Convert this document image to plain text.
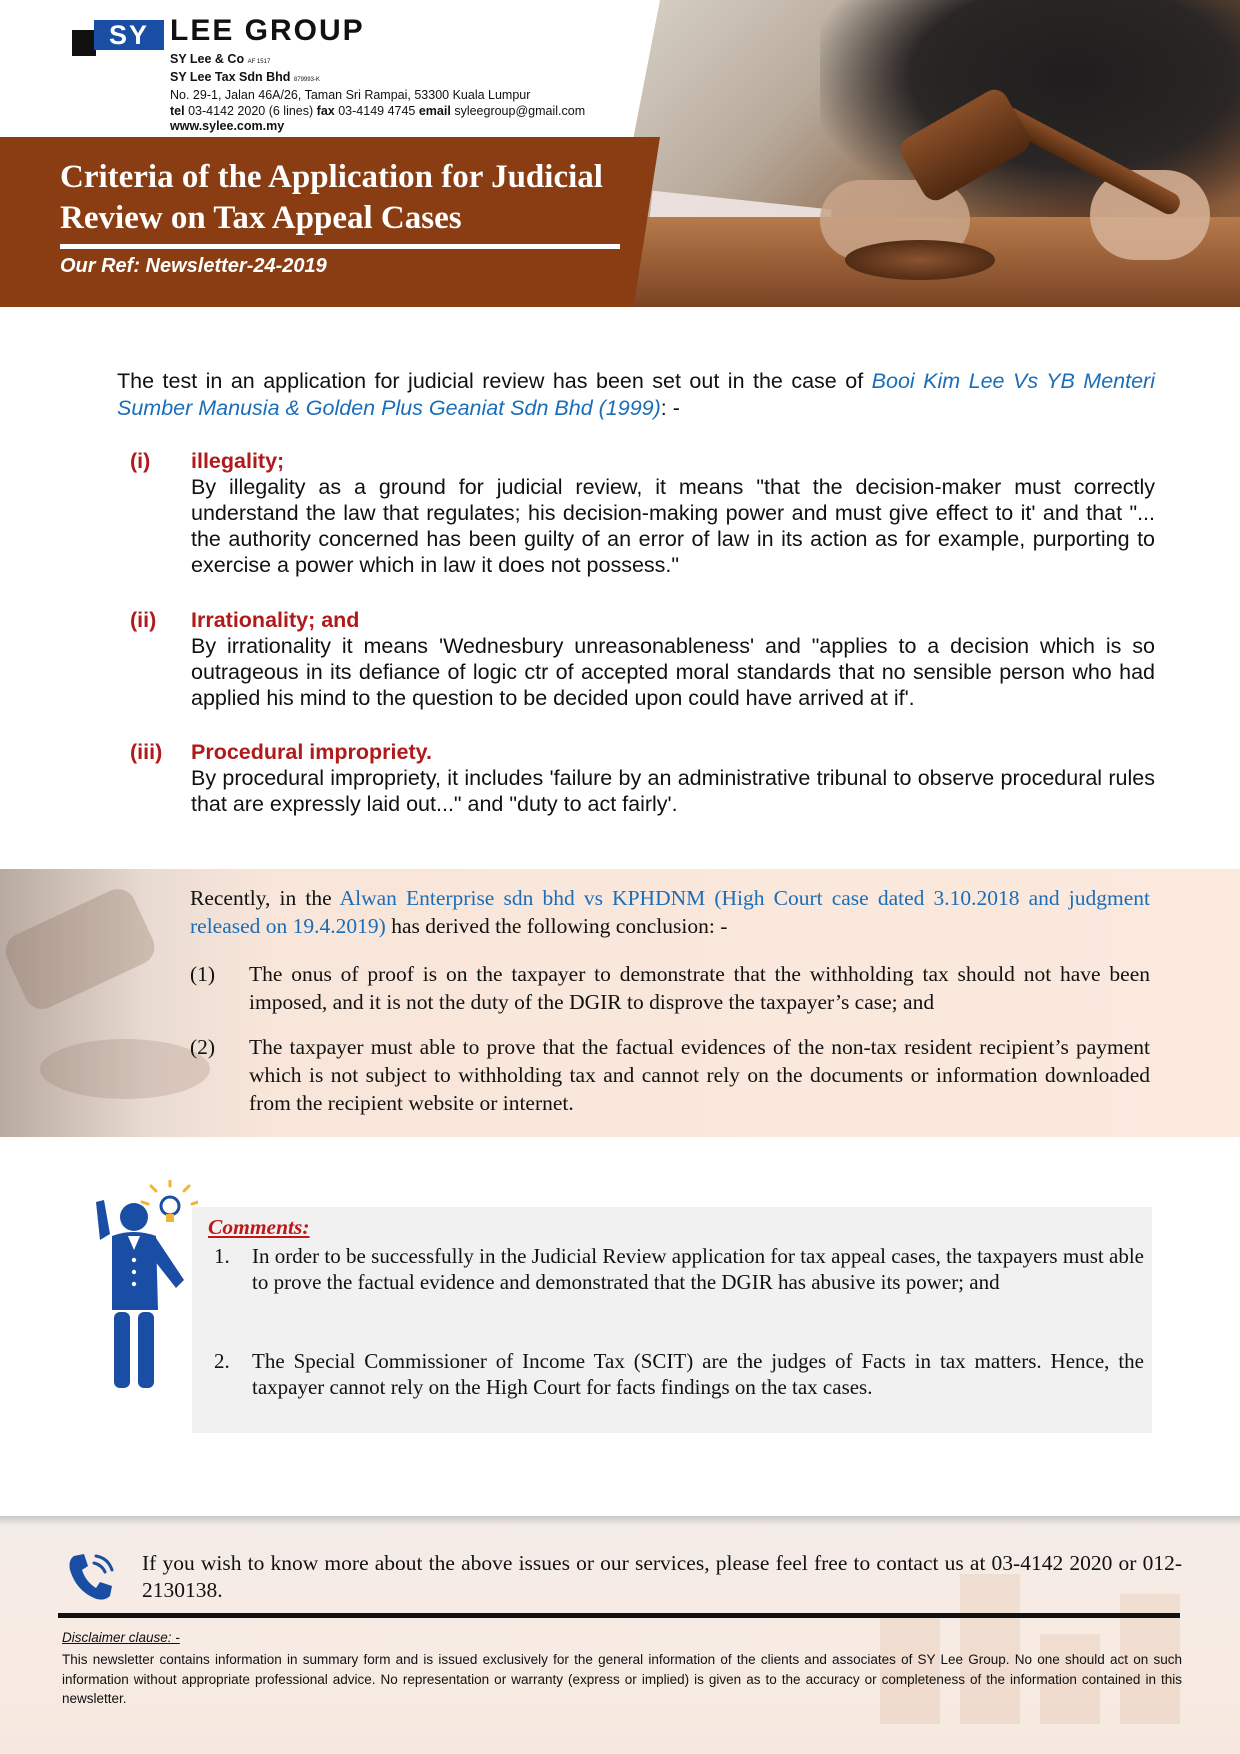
SY LEE GROUP
SY Lee & Co AF 1517
SY Lee Tax Sdn Bhd 879993-K
No. 29-1, Jalan 46A/26, Taman Sri Rampai, 53300 Kuala Lumpur
tel 03-4142 2020 (6 lines) fax 03-4149 4745 email syleegroup@gmail.com
www.sylee.com.my
Criteria of the Application for Judicial
Review on Tax Appeal Cases
Our Ref: Newsletter-24-2019
The test in an application for judicial review has been set out in the case of Booi Kim Lee Vs YB Menteri Sumber Manusia & Golden Plus Geaniat Sdn Bhd (1999): -
(i) illegality;
By illegality as a ground for judicial review, it means "that the decision-maker must correctly understand the law that regulates; his decision-making power and must give effect to it' and that "... the authority concerned has been guilty of an error of law in its action as for example, purporting to exercise a power which in law it does not possess."
(ii) Irrationality; and
By irrationality it means 'Wednesbury unreasonableness' and "applies to a decision which is so outrageous in its defiance of logic ctr of accepted moral standards that no sensible person who had applied his mind to the question to be decided upon could have arrived at if'.
(iii) Procedural impropriety.
By procedural impropriety, it includes 'failure by an administrative tribunal to observe procedural rules that are expressly laid out..." and "duty to act fairly'.
Recently, in the Alwan Enterprise sdn bhd vs KPHDNM (High Court case dated 3.10.2018 and judgment released on 19.4.2019) has derived the following conclusion: -
(1) The onus of proof is on the taxpayer to demonstrate that the withholding tax should not have been imposed, and it is not the duty of the DGIR to disprove the taxpayer’s case; and
(2) The taxpayer must able to prove that the factual evidences of the non-tax resident recipient’s payment which is not subject to withholding tax and cannot rely on the documents or information downloaded from the recipient website or internet.
Comments:
1. In order to be successfully in the Judicial Review application for tax appeal cases, the taxpayers must able to prove the factual evidence and demonstrated that the DGIR has abusive its power; and
2. The Special Commissioner of Income Tax (SCIT) are the judges of Facts in tax matters. Hence, the taxpayer cannot rely on the High Court for facts findings on the tax cases.
If you wish to know more about the above issues or our services, please feel free to contact us at 03-4142 2020 or 012-2130138.
Disclaimer clause: -
This newsletter contains information in summary form and is issued exclusively for the general information of the clients and associates of SY Lee Group. No one should act on such information without appropriate professional advice. No representation or warranty (express or implied) is given as to the accuracy or completeness of the information contained in this newsletter.
